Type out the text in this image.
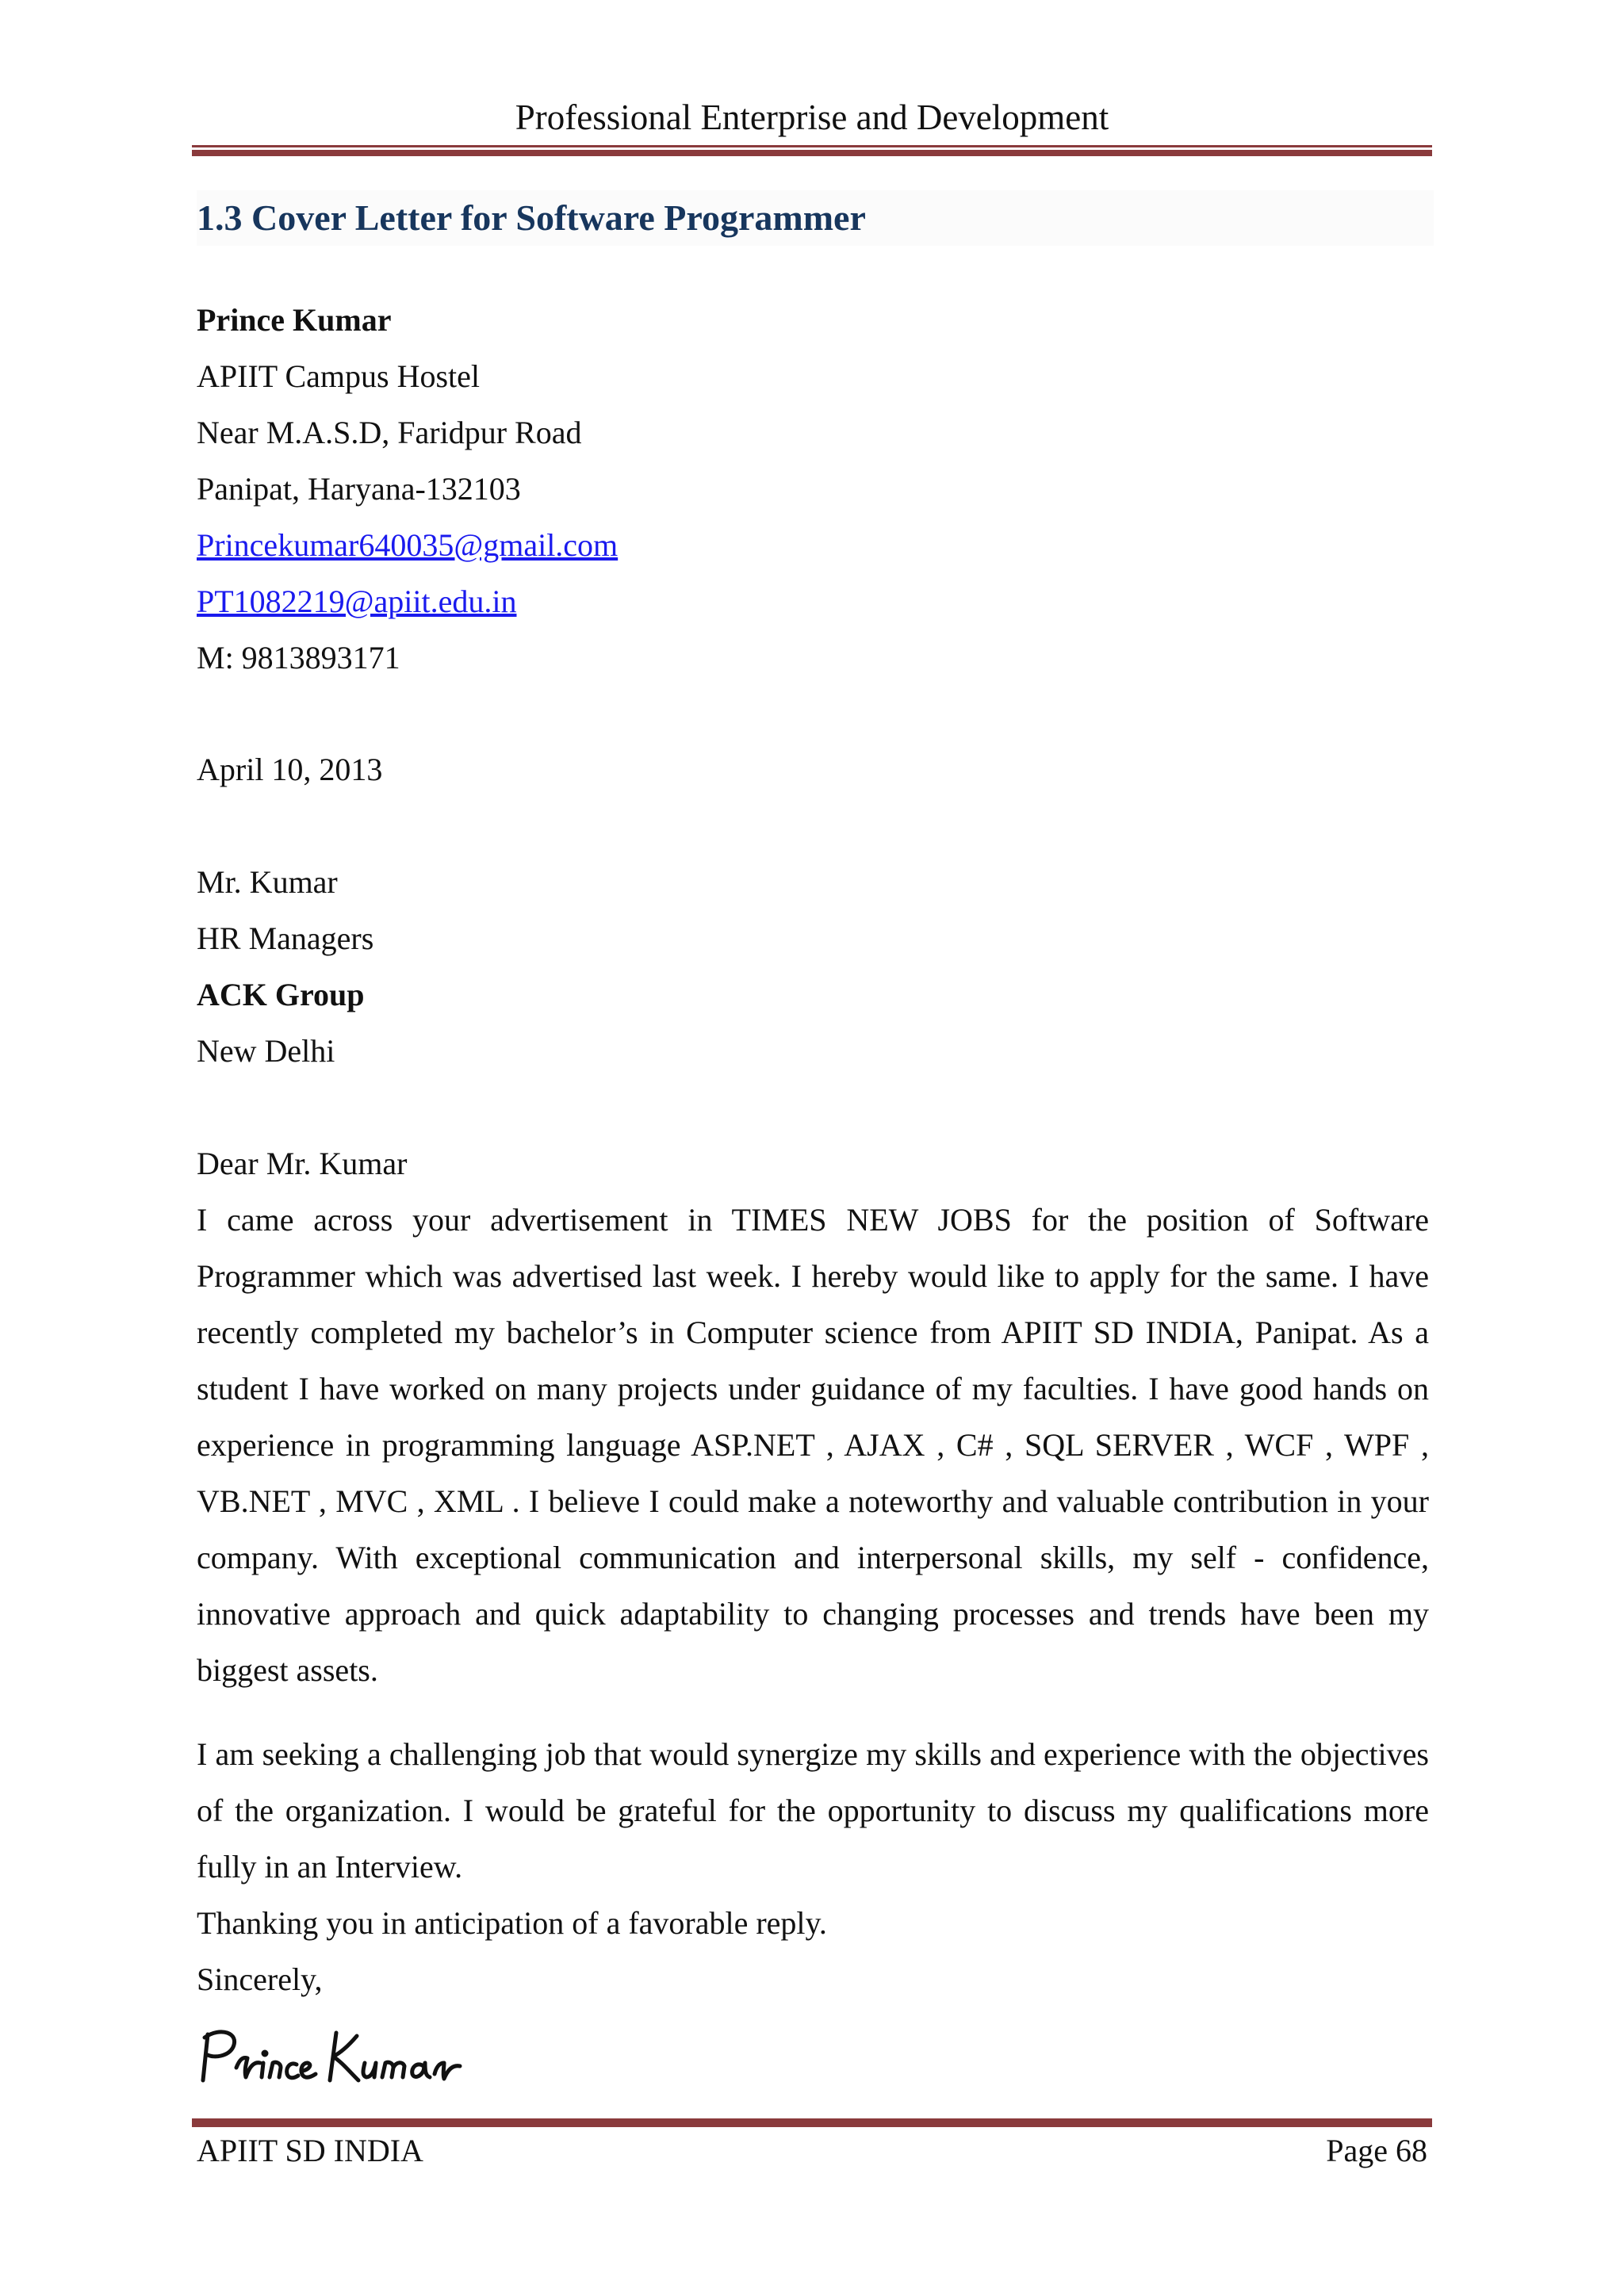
Professional Enterprise and Development
1.3 Cover Letter for Software Programmer
Prince Kumar
APIIT Campus Hostel
Near M.A.S.D, Faridpur Road
Panipat, Haryana-132103
Princekumar640035@gmail.com
PT1082219@apiit.edu.in
M: 9813893171
April 10, 2013
Mr. Kumar
HR Managers
ACK Group
New Delhi
Dear Mr. Kumar
I came across your advertisement in TIMES NEW JOBS for the position of Software Programmer which was advertised last week. I hereby would like to apply for the same. I have recently completed my bachelor’s in Computer science from APIIT SD INDIA, Panipat. As a student I have worked on many projects under guidance of my faculties. I have good hands on experience in programming language ASP.NET , AJAX , C# , SQL SERVER , WCF , WPF , VB.NET , MVC , XML . I believe I could make a noteworthy and valuable contribution in your company. With exceptional communication and interpersonal skills, my self - confidence, innovative approach and quick adaptability to changing processes and trends have been my biggest assets.
I am seeking a challenging job that would synergize my skills and experience with the objectives of the organization. I would be grateful for the opportunity to discuss my qualifications more fully in an Interview.
Thanking you in anticipation of a favorable reply.
Sincerely,
APIIT SD INDIA	Page 68
